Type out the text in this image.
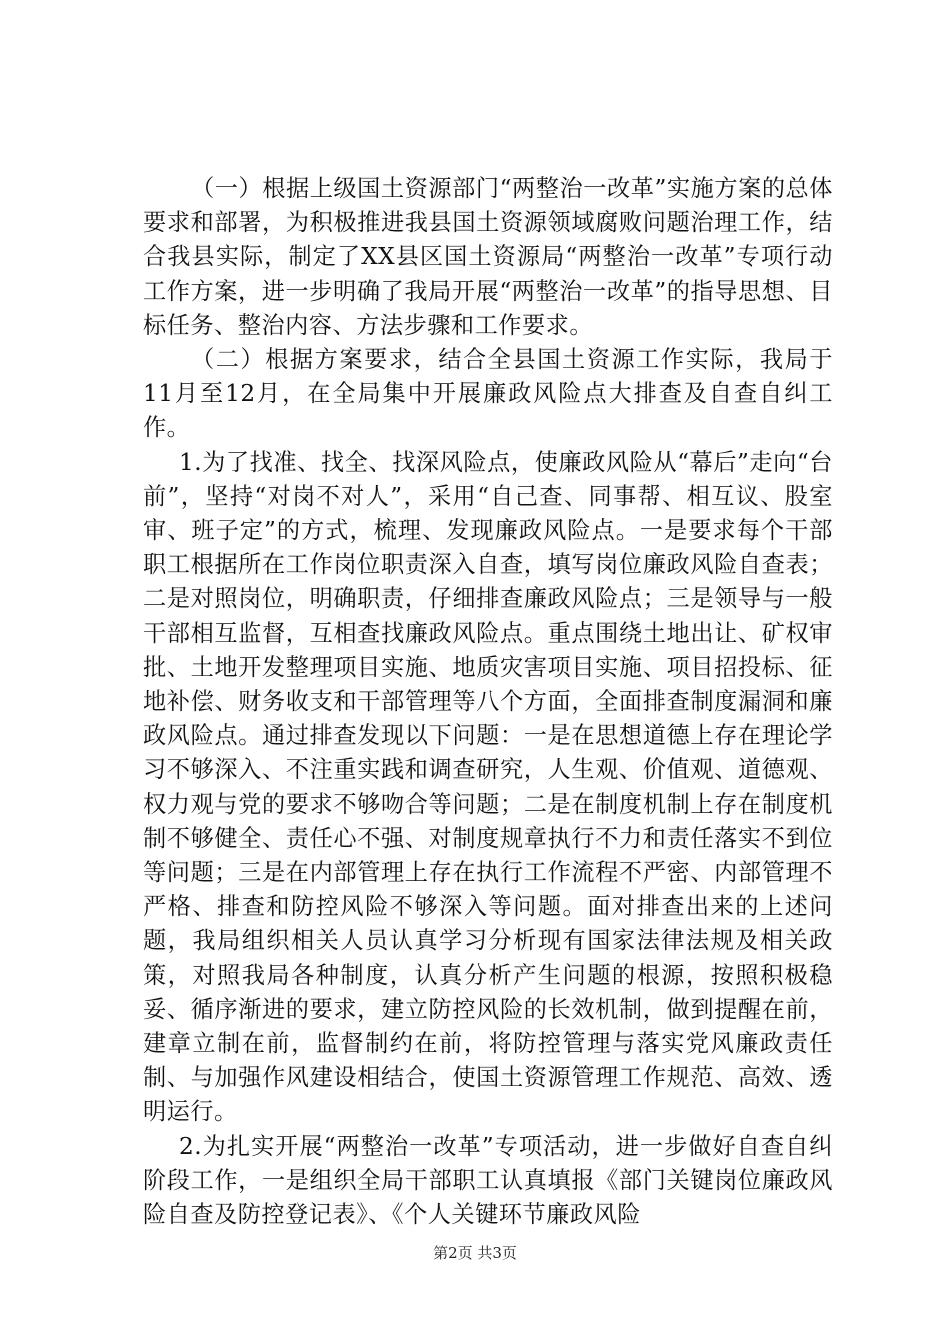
（一）根据上级国土资源部门“两整治一改革”实施方案的总体要求和部署，为积极推进我县国土资源领域腐败问题治理工作，结合我县实际，制定了XX县区国土资源局“两整治一改革”专项行动工作方案，进一步明确了我局开展“两整治一改革”的指导思想、目标任务、整治内容、方法步骤和工作要求。

（二）根据方案要求，结合全县国土资源工作实际，我局于11月至12月，在全局集中开展廉政风险点大排查及自查自纠工作。

1.为了找准、找全、找深风险点，使廉政风险从“幕后”走向“台前”，坚持“对岗不对人”，采用“自己查、同事帮、相互议、股室审、班子定”的方式，梳理、发现廉政风险点。一是要求每个干部职工根据所在工作岗位职责深入自查，填写岗位廉政风险自查表；二是对照岗位，明确职责，仔细排查廉政风险点；三是领导与一般干部相互监督，互相查找廉政风险点。重点围绕土地出让、矿权审批、土地开发整理项目实施、地质灾害项目实施、项目招投标、征地补偿、财务收支和干部管理等八个方面，全面排查制度漏洞和廉政风险点。通过排查发现以下问题：一是在思想道德上存在理论学习不够深入、不注重实践和调查研究，人生观、价值观、道德观、权力观与党的要求不够吻合等问题；二是在制度机制上存在制度机制不够健全、责任心不强、对制度规章执行不力和责任落实不到位等问题；三是在内部管理上存在执行工作流程不严密、内部管理不严格、排查和防控风险不够深入等问题。面对排查出来的上述问题，我局组织相关人员认真学习分析现有国家法律法规及相关政策，对照我局各种制度，认真分析产生问题的根源，按照积极稳妥、循序渐进的要求，建立防控风险的长效机制，做到提醒在前，建章立制在前，监督制约在前，将防控管理与落实党风廉政责任制、与加强作风建设相结合，使国土资源管理工作规范、高效、透明运行。

2.为扎实开展“两整治一改革”专项活动，进一步做好自查自纠阶段工作，一是组织全局干部职工认真填报《部门关键岗位廉政风险自查及防控登记表》、《个人关键环节廉政风险

第2页 共3页
